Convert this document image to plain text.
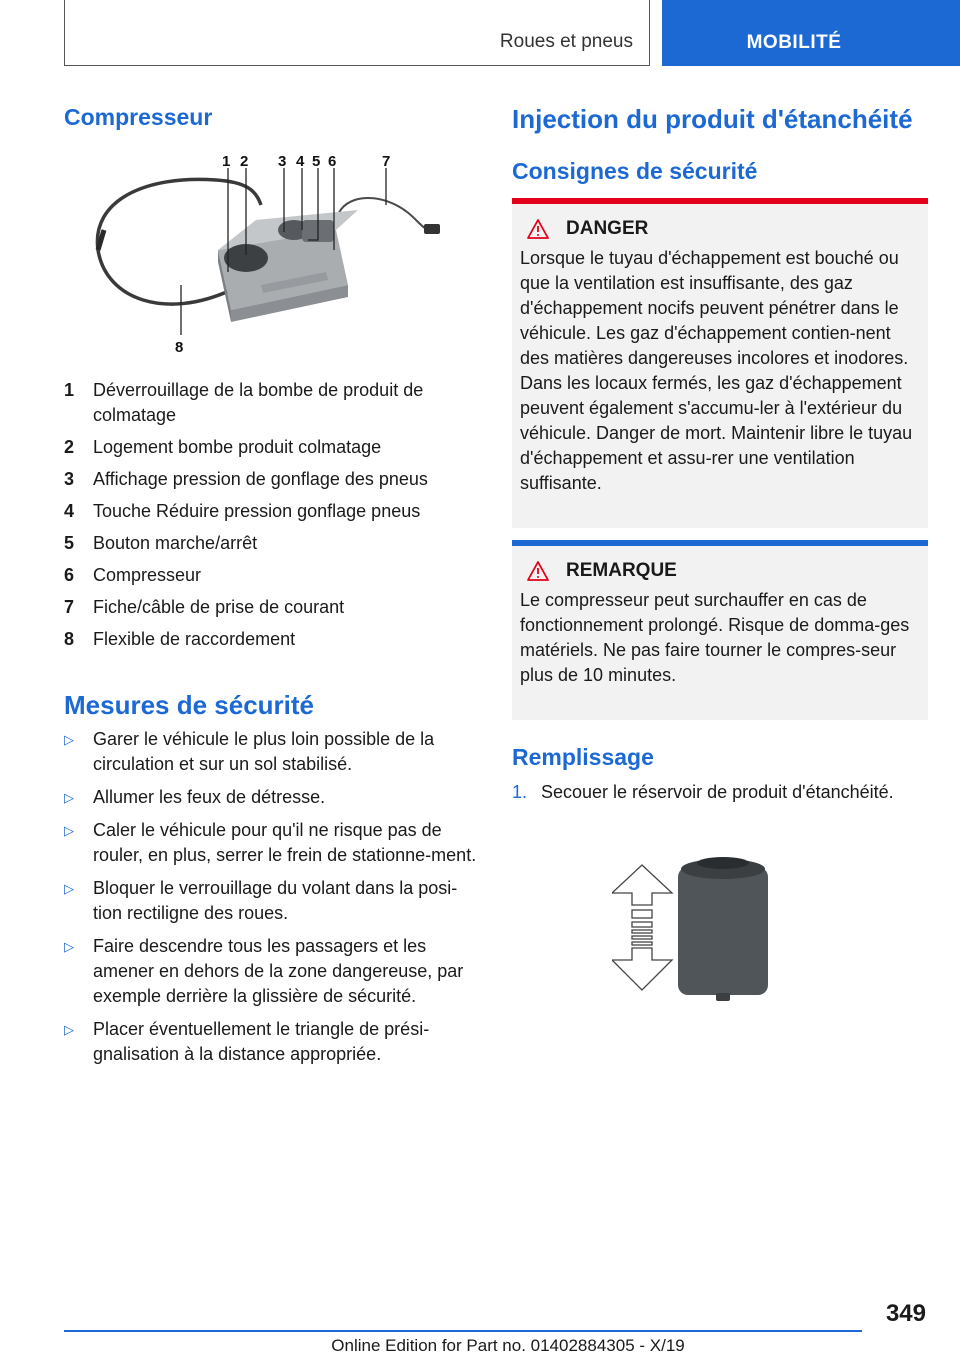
Roues et pneus	MOBILITÉ
Compresseur
1 2 3 4 5 6	7
8
1	Déverrouillage de la bombe de produit de colmatage
2	Logement bombe produit colmatage
3	Affichage pression de gonflage des pneus
4	Touche Réduire pression gonflage pneus
5	Bouton marche/arrêt
6	Compresseur
7	Fiche/câble de prise de courant
8	Flexible de raccordement
Mesures de sécurité
▷	Garer le véhicule le plus loin possible de la circulation et sur un sol stabilisé.
▷	Allumer les feux de détresse.
▷	Caler le véhicule pour qu'il ne risque pas de rouler, en plus, serrer le frein de stationne‐ment.
▷	Bloquer le verrouillage du volant dans la posi‐tion rectiligne des roues.
▷	Faire descendre tous les passagers et les amener en dehors de la zone dangereuse, par exemple derrière la glissière de sécurité.
▷	Placer éventuellement le triangle de prési‐gnalisation à la distance appropriée.
Injection du produit d'étanchéité
Consignes de sécurité
DANGER
Lorsque le tuyau d'échappement est bouché ou que la ventilation est insuffisante, des gaz d'échappement nocifs peuvent pénétrer dans le véhicule. Les gaz d'échappement contien‐nent des matières dangereuses incolores et inodores. Dans les locaux fermés, les gaz d'échappement peuvent également s'accumu‐ler à l'extérieur du véhicule. Danger de mort. Maintenir libre le tuyau d'échappement et assu‐rer une ventilation suffisante.
REMARQUE
Le compresseur peut surchauffer en cas de fonctionnement prolongé. Risque de domma‐ges matériels. Ne pas faire tourner le compres‐seur plus de 10 minutes.
Remplissage
1. Secouer le réservoir de produit d'étanchéité.
349
Online Edition for Part no. 01402884305 - X/19
